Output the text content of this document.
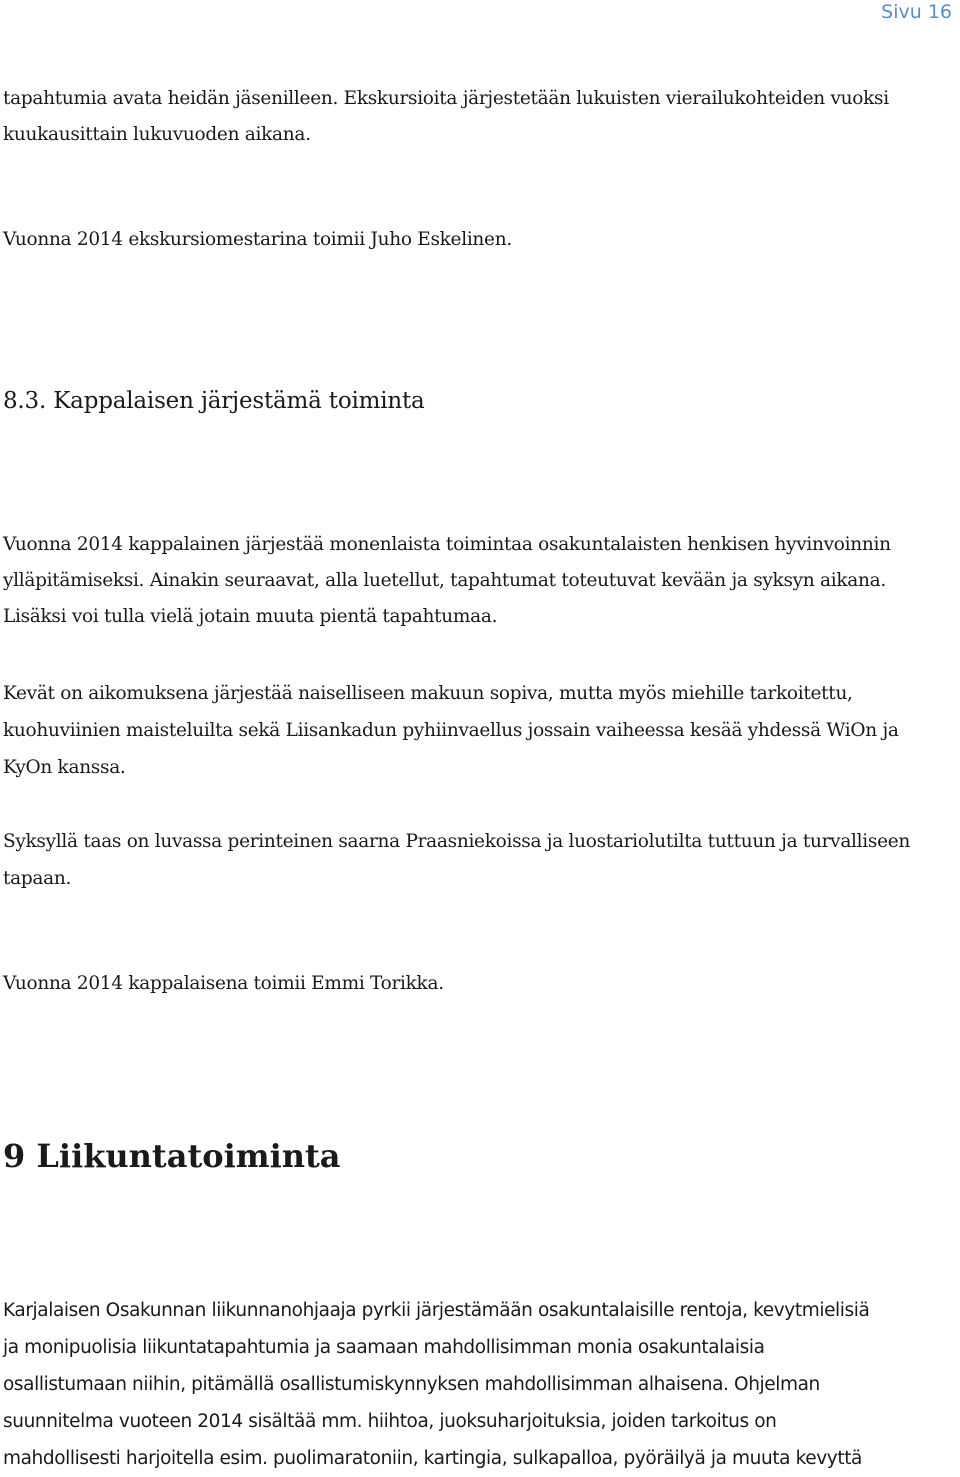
Sivu 16
tapahtumia avata heidän jäsenilleen. Ekskursioita järjestetään lukuisten vierailukohteiden vuoksi
kuukausittain lukuvuoden aikana.
Vuonna 2014 ekskursiomestarina toimii Juho Eskelinen.
8.3. Kappalaisen järjestämä toiminta
Vuonna 2014 kappalainen järjestää monenlaista toimintaa osakuntalaisten henkisen hyvinvoinnin
ylläpitämiseksi. Ainakin seuraavat, alla luetellut, tapahtumat toteutuvat kevään ja syksyn aikana.
Lisäksi voi tulla vielä jotain muuta pientä tapahtumaa.
Kevät on aikomuksena järjestää naiselliseen makuun sopiva, mutta myös miehille tarkoitettu,
kuohuviinien maisteluilta sekä Liisankadun pyhiinvaellus jossain vaiheessa kesää yhdessä WiOn ja
KyOn kanssa.
Syksyllä taas on luvassa perinteinen saarna Praasniekoissa ja luostariolutilta tuttuun ja turvalliseen
tapaan.
Vuonna 2014 kappalaisena toimii Emmi Torikka.
9 Liikuntatoiminta
Karjalaisen Osakunnan liikunnanohjaaja pyrkii järjestämään osakuntalaisille rentoja, kevytmielisiä
ja monipuolisia liikuntatapahtumia ja saamaan mahdollisimman monia osakuntalaisia
osallistumaan niihin, pitämällä osallistumiskynnyksen mahdollisimman alhaisena. Ohjelman
suunnitelma vuoteen 2014 sisältää mm. hiihtoa, juoksuharjoituksia, joiden tarkoitus on
mahdollisesti harjoitella esim. puolimaratoniin, kartingia, sulkapalloa, pyöräilyä ja muuta kevyttä
